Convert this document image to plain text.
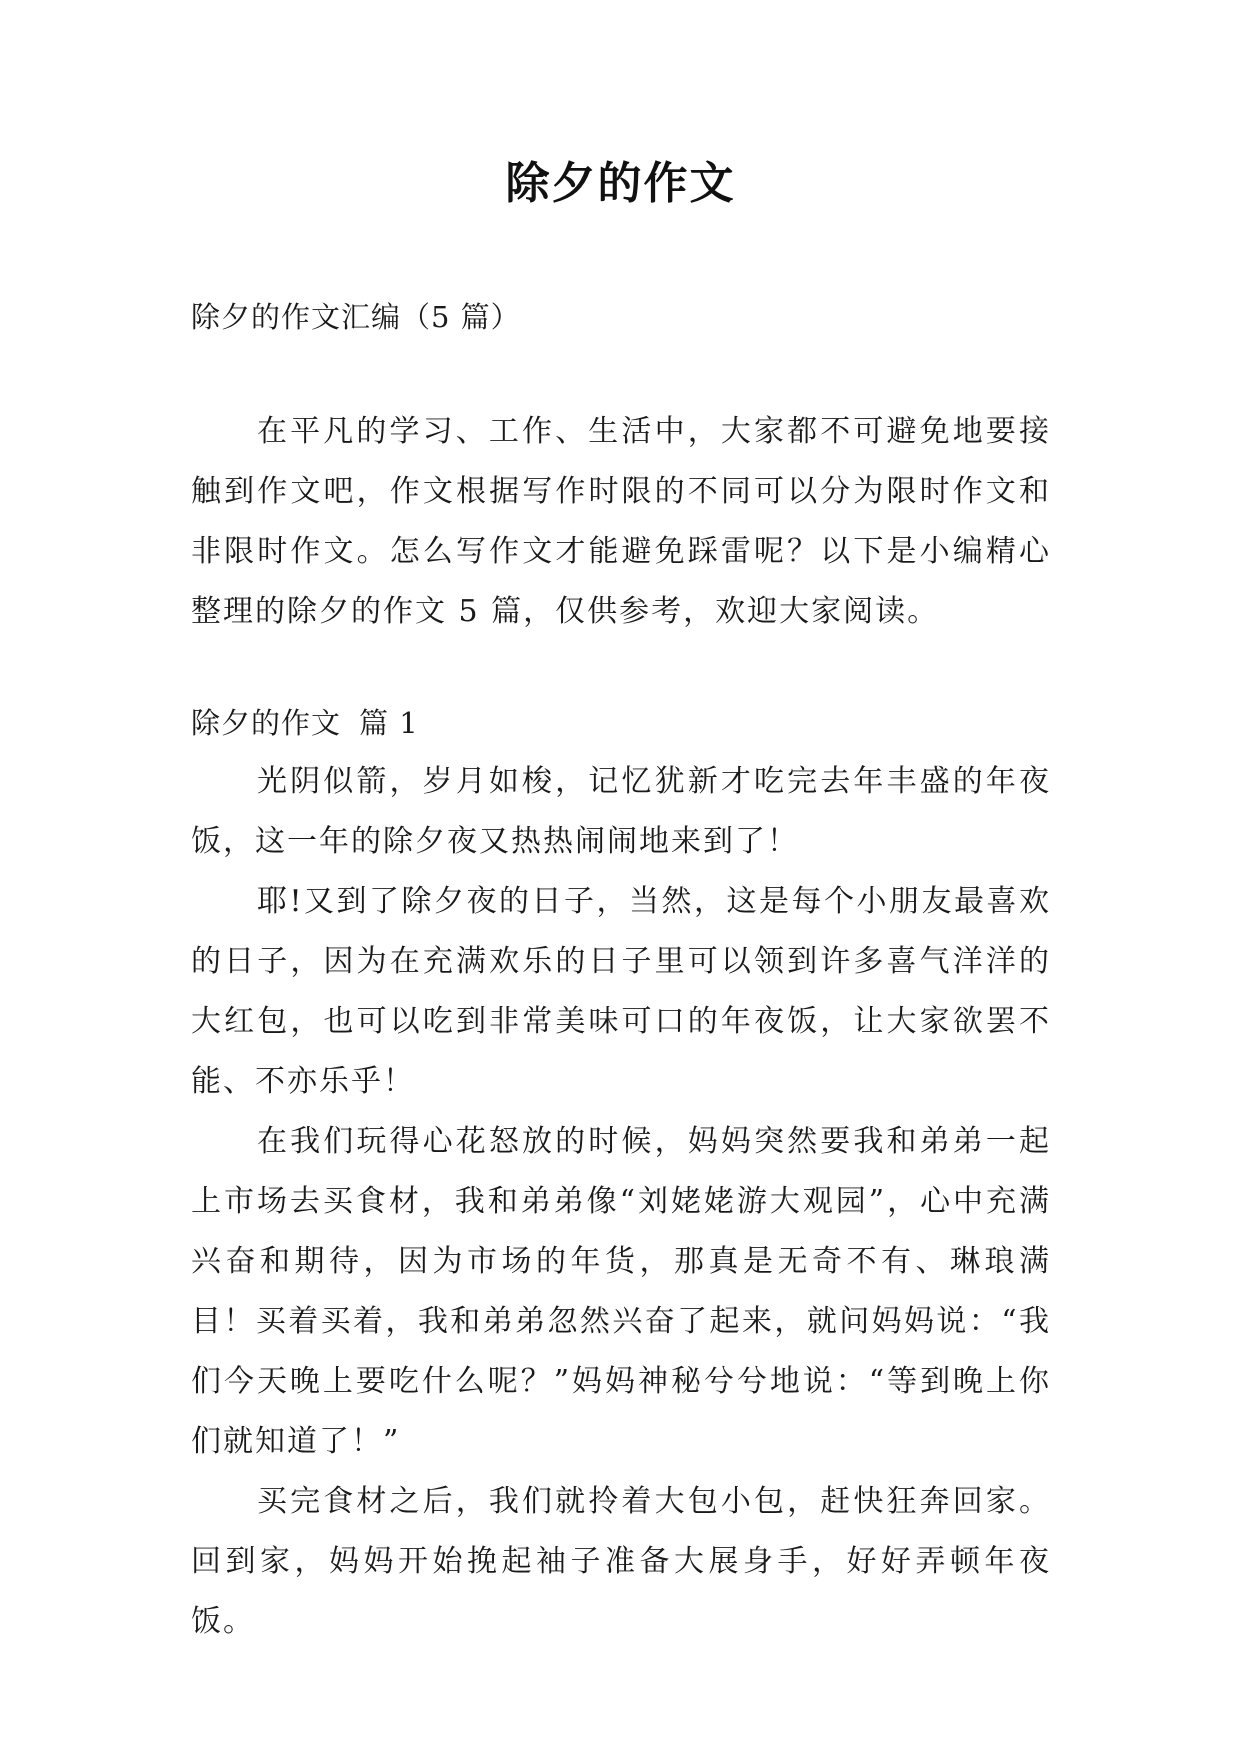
除夕的作文

除夕的作文汇编（5 篇）

在平凡的学习、工作、生活中，大家都不可避免地要接触到作文吧，作文根据写作时限的不同可以分为限时作文和非限时作文。怎么写作文才能避免踩雷呢？以下是小编精心整理的除夕的作文 5 篇，仅供参考，欢迎大家阅读。

除夕的作文 篇 1

光阴似箭，岁月如梭，记忆犹新才吃完去年丰盛的年夜饭，这一年的除夕夜又热热闹闹地来到了！

耶!又到了除夕夜的日子，当然，这是每个小朋友最喜欢的日子，因为在充满欢乐的日子里可以领到许多喜气洋洋的大红包，也可以吃到非常美味可口的年夜饭，让大家欲罢不能、不亦乐乎！

在我们玩得心花怒放的时候，妈妈突然要我和弟弟一起上市场去买食材，我和弟弟像“刘姥姥游大观园”，心中充满兴奋和期待，因为市场的年货，那真是无奇不有、琳琅满目！买着买着，我和弟弟忽然兴奋了起来，就问妈妈说：“我们今天晚上要吃什么呢？”妈妈神秘兮兮地说：“等到晚上你们就知道了！”

买完食材之后，我们就拎着大包小包，赶快狂奔回家。回到家，妈妈开始挽起袖子准备大展身手，好好弄顿年夜饭。
